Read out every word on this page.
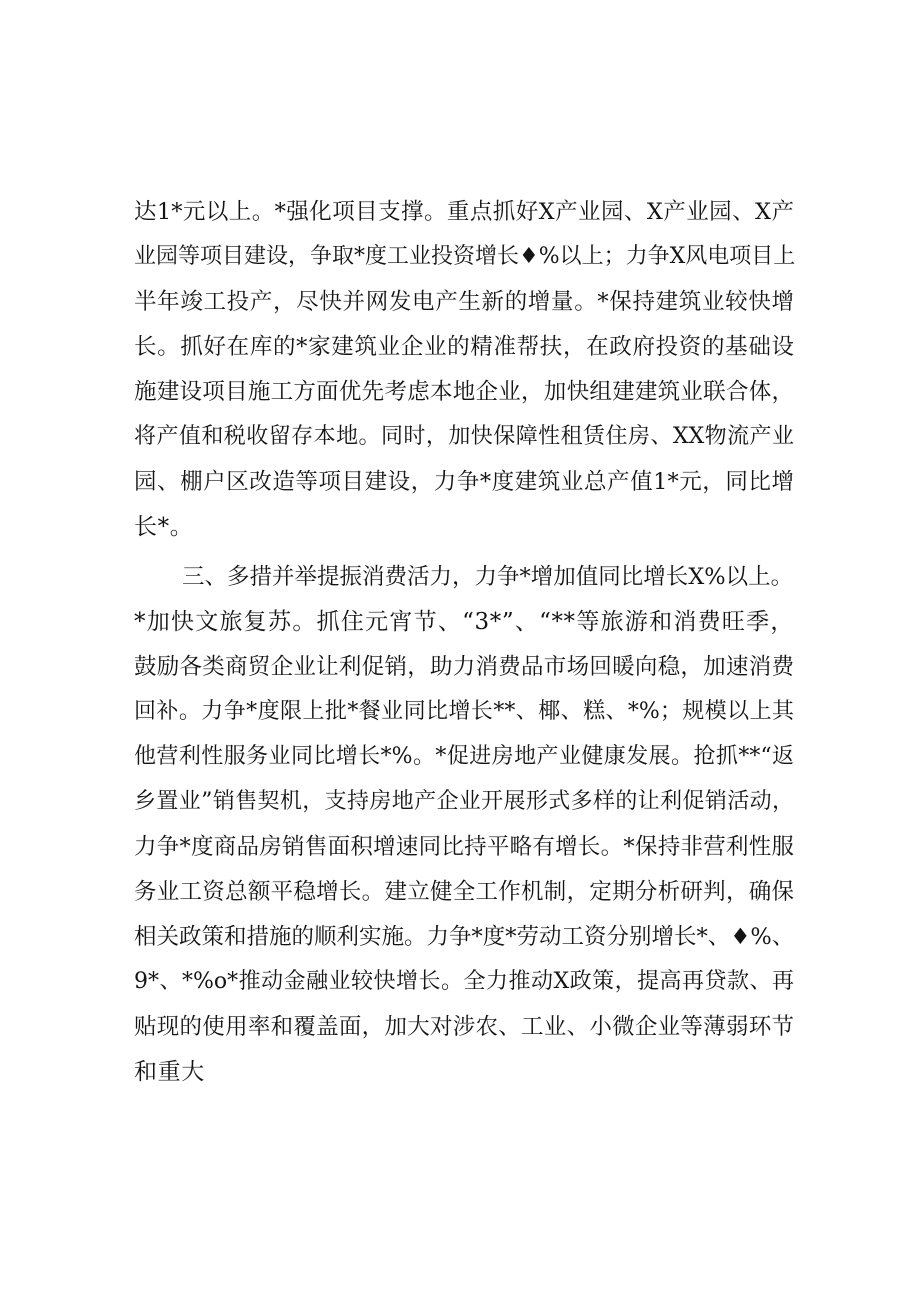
达1*元以上。*强化项目支撑。重点抓好X产业园、X产业园、X产

业园等项目建设，争取*度工业投资增长♦%以上；力争X风电项目上

半年竣工投产，尽快并网发电产生新的增量。*保持建筑业较快增

长。抓好在库的*家建筑业企业的精准帮扶，在政府投资的基础设

施建设项目施工方面优先考虑本地企业，加快组建建筑业联合体，

将产值和税收留存本地。同时，加快保障性租赁住房、XX物流产业

园、棚户区改造等项目建设，力争*度建筑业总产值1*元，同比增

长*。

三、多措并举提振消费活力，力争*增加值同比增长X%以上。

*加快文旅复苏。抓住元宵节、“3*”、“**等旅游和消费旺季，

鼓励各类商贸企业让利促销，助力消费品市场回暖向稳，加速消费

回补。力争*度限上批*餐业同比增长**、椰、糕、*%；规模以上其

他营利性服务业同比增长*%。*促进房地产业健康发展。抢抓**“返

乡置业”销售契机，支持房地产企业开展形式多样的让利促销活动，

力争*度商品房销售面积增速同比持平略有增长。*保持非营利性服

务业工资总额平稳增长。建立健全工作机制，定期分析研判，确保

相关政策和措施的顺利实施。力争*度*劳动工资分别增长*、♦%、

9*、*%o*推动金融业较快增长。全力推动X政策，提高再贷款、再

贴现的使用率和覆盖面，加大对涉农、工业、小微企业等薄弱环节

和重大
